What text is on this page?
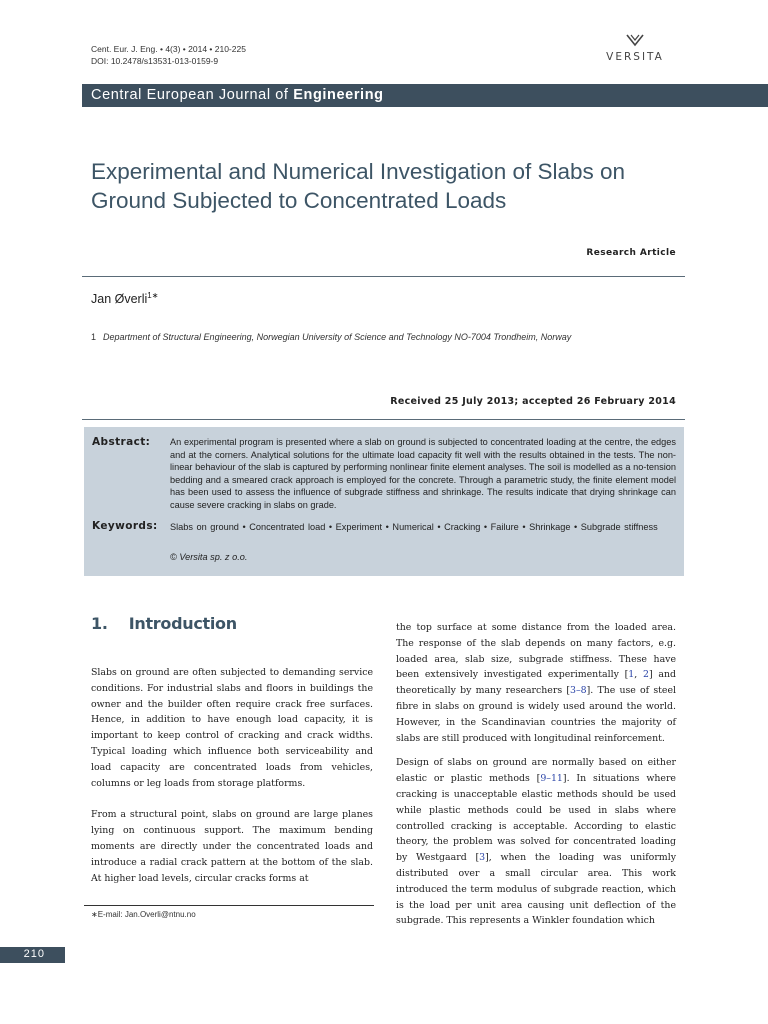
Cent. Eur. J. Eng. • 4(3) • 2014 • 210-225
DOI: 10.2478/s13531-013-0159-9	VERSITA
Central European Journal of Engineering
Experimental and Numerical Investigation of Slabs on Ground Subjected to Concentrated Loads
Research Article
Jan Øverli$^{1∗}$
1 Department of Structural Engineering, Norwegian University of Science and Technology NO-7004 Trondheim, Norway
Received 25 July 2013; accepted 26 February 2014
Abstract: An experimental program is presented where a slab on ground is subjected to concentrated loading at the centre, the edges and at the corners. Analytical solutions for the ultimate load capacity fit well with the results obtained in the tests. The non-linear behaviour of the slab is captured by performing nonlinear finite element analyses. The soil is modelled as a no-tension bedding and a smeared crack approach is employed for the concrete. Through a parametric study, the finite element model has been used to assess the influence of subgrade stiffness and shrinkage. The results indicate that drying shrinkage can cause severe cracking in slabs on grade.
Keywords: Slabs on ground • Concentrated load • Experiment • Numerical • Cracking • Failure • Shrinkage • Subgrade stiffness
© Versita sp. z o.o.
1. Introduction

Slabs on ground are often subjected to demanding service conditions. For industrial slabs and floors in buildings the owner and the builder often require crack free surfaces. Hence, in addition to have enough load capacity, it is important to keep control of cracking and crack widths. Typical loading which influence both serviceability and load capacity are concentrated loads from vehicles, columns or leg loads from storage platforms.

From a structural point, slabs on ground are large planes lying on continuous support. The maximum bending moments are directly under the concentrated loads and introduce a radial crack pattern at the bottom of the slab. At higher load levels, circular cracks forms at

the top surface at some distance from the loaded area. The response of the slab depends on many factors, e.g. loaded area, slab size, subgrade stiffness. These have been extensively investigated experimentally [1, 2] and theoretically by many researchers [3–8]. The use of steel fibre in slabs on ground is widely used around the world. However, in the Scandinavian countries the majority of slabs are still produced with longitudinal reinforcement.

Design of slabs on ground are normally based on either elastic or plastic methods [9–11]. In situations where cracking is unacceptable elastic methods should be used while plastic methods could be used in slabs where controlled cracking is acceptable. According to elastic theory, the problem was solved for concentrated loading by Westgaard [3], when the loading was uniformly distributed over a small circular area. This work introduced the term modulus of subgrade reaction, which is the load per unit area causing unit deflection of the subgrade. This represents a Winkler foundation which

∗E-mail: Jan.Overli@ntnu.no
210
